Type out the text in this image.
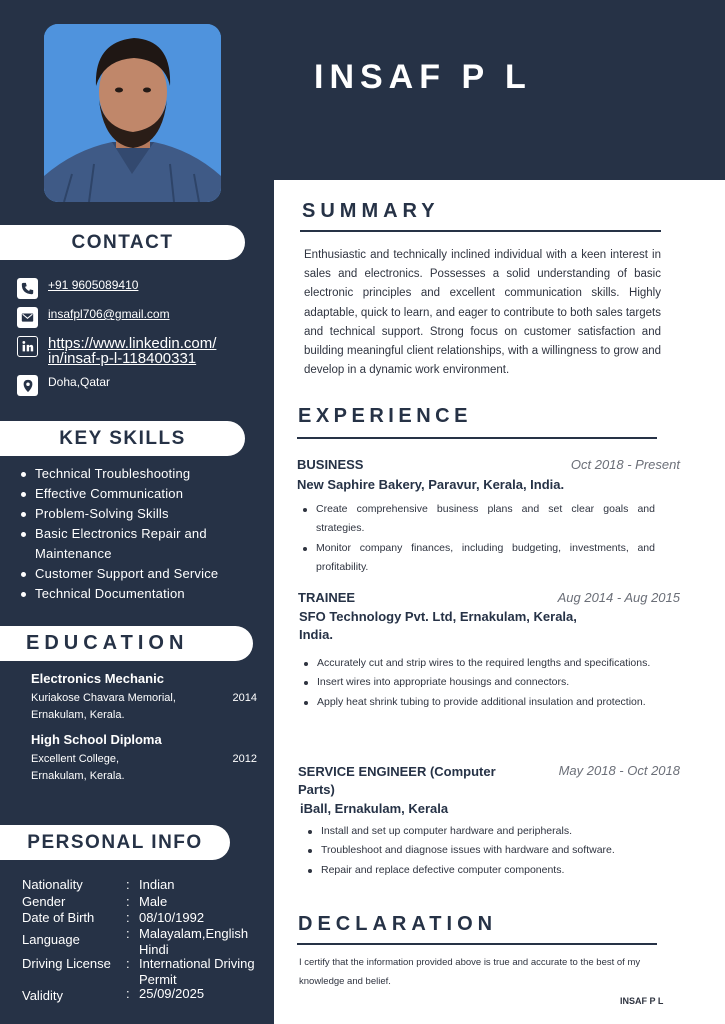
INSAF P L
CONTACT
+91 9605089410
insafpl706@gmail.com
https://www.linkedin.com/
in/insaf-p-l-118400331
Doha,Qatar
KEY SKILLS
Technical Troubleshooting
Effective Communication
Problem-Solving Skills
Basic Electronics Repair and Maintenance
Customer Support and Service
Technical Documentation
EDUCATION
Electronics Mechanic
Kuriakose Chavara Memorial,
Ernakulam, Kerala.
2014
High School Diploma
Excellent College,
Ernakulam, Kerala.
2012
PERSONAL INFO
Nationality	: Indian
Gender	: Male
Date of Birth	: 08/10/1992
Language	: Malayalam,English Hindi
Driving License	: International Driving Permit
Validity	: 25/09/2025
SUMMARY
Enthusiastic and technically inclined individual with a keen interest in sales and electronics. Possesses a solid understanding of basic electronic principles and excellent communication skills. Highly adaptable, quick to learn, and eager to contribute to both sales targets and technical support. Strong focus on customer satisfaction and building meaningful client relationships, with a willingness to grow and develop in a dynamic work environment.
EXPERIENCE
BUSINESS	Oct 2018 - Present
New Saphire Bakery, Paravur, Kerala, India.
Create comprehensive business plans and set clear goals and strategies.
Monitor company finances, including budgeting, investments, and profitability.
TRAINEE	Aug 2014 - Aug 2015
SFO Technology Pvt. Ltd, Ernakulam, Kerala, India.
Accurately cut and strip wires to the required lengths and specifications.
Insert wires into appropriate housings and connectors.
Apply heat shrink tubing to provide additional insulation and protection.
SERVICE ENGINEER (Computer Parts)
May 2018 - Oct 2018
iBall, Ernakulam, Kerala
Install and set up computer hardware and peripherals.
Troubleshoot and diagnose issues with hardware and software.
Repair and replace defective computer components.
DECLARATION
I certify that the information provided above is true and accurate to the best of my knowledge and belief.
INSAF P L
